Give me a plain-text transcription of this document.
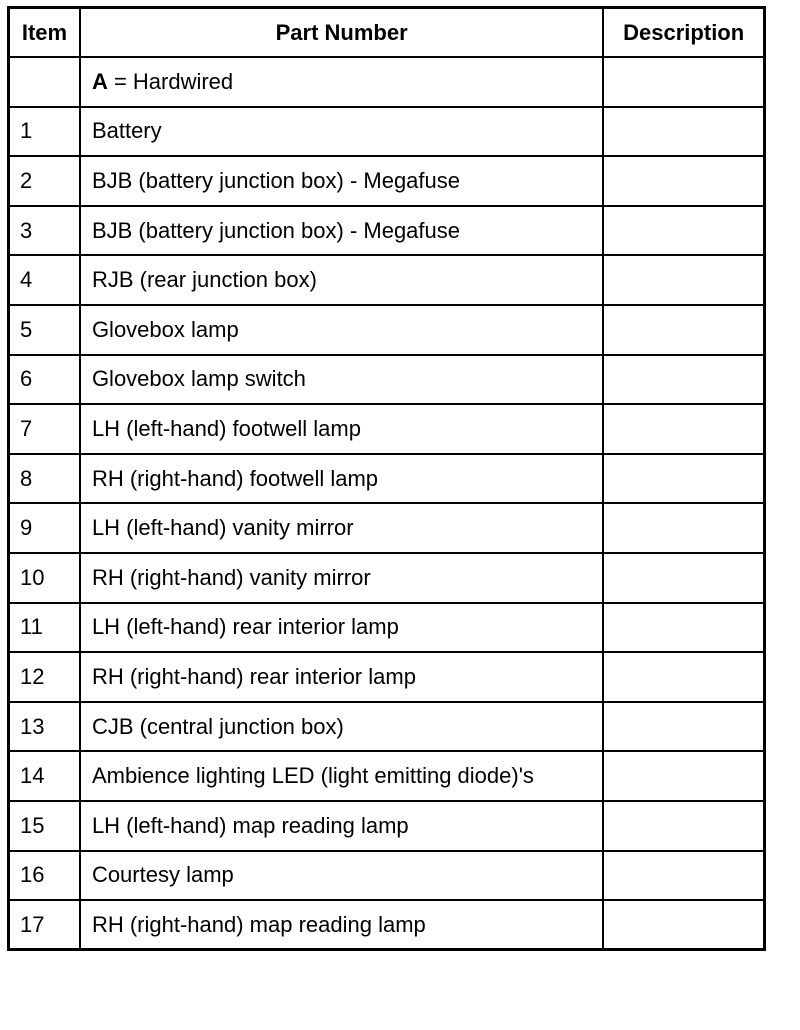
Item	Part Number	Description
	A = Hardwired	
1	Battery	
2	BJB (battery junction box) - Megafuse	
3	BJB (battery junction box) - Megafuse	
4	RJB (rear junction box)	
5	Glovebox lamp	
6	Glovebox lamp switch	
7	LH (left-hand) footwell lamp	
8	RH (right-hand) footwell lamp	
9	LH (left-hand) vanity mirror	
10	RH (right-hand) vanity mirror	
11	LH (left-hand) rear interior lamp	
12	RH (right-hand) rear interior lamp	
13	CJB (central junction box)	
14	Ambience lighting LED (light emitting diode)'s	
15	LH (left-hand) map reading lamp	
16	Courtesy lamp	
17	RH (right-hand) map reading lamp	
